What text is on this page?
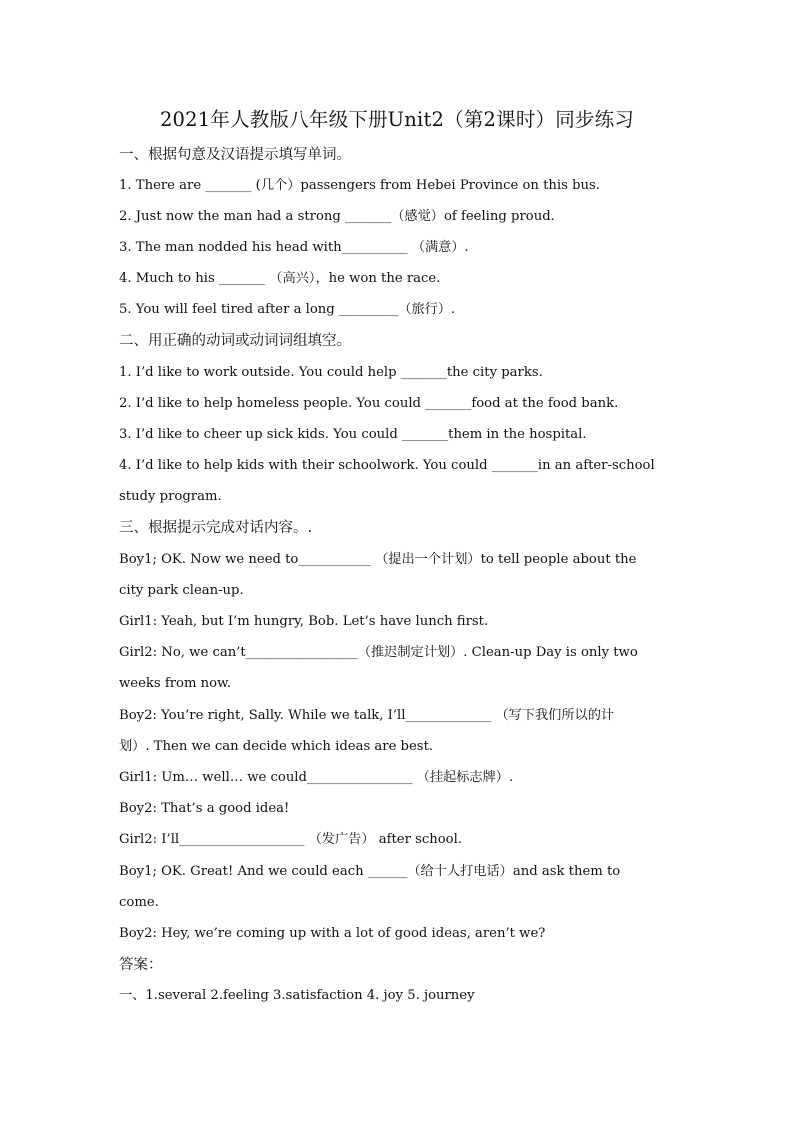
2021年人教版八年级下册Unit2（第2课时）同步练习
一、根据句意及汉语提示填写单词。
1. There are _______ (几个）passengers from Hebei Province on this bus.
2. Just now the man had a strong _______（感觉）of feeling proud.
3. The man nodded his head with__________ （满意）.
4. Much to his _______ （高兴），he won the race.
5. You will feel tired after a long _________（旅行）.
二、用正确的动词或动词词组填空。
1. I’d like to work outside. You could help _______the city parks.
2. I’d like to help homeless people. You could _______food at the food bank.
3. I’d like to cheer up sick kids. You could _______them in the hospital.
4. I’d like to help kids with their schoolwork. You could _______in an after-school
study program.
三、根据提示完成对话内容。.
Boy1; OK. Now we need to___________ （提出一个计划）to tell people about the
city park clean-up.
Girl1: Yeah, but I’m hungry, Bob. Let’s have lunch first.
Girl2: No, we can’t_________________（推迟制定计划）. Clean-up Day is only two
weeks from now.
Boy2: You’re right, Sally. While we talk, I’ll_____________ （写下我们所以的计
划）. Then we can decide which ideas are best.
Girl1: Um… well… we could________________ （挂起标志牌）.
Boy2: That’s a good idea!
Girl2: I’ll___________________ （发广告） after school.
Boy1; OK. Great! And we could each ______（给十人打电话）and ask them to
come.
Boy2: Hey, we’re coming up with a lot of good ideas, aren’t we?
答案：
一、1.several 2.feeling 3.satisfaction 4. joy 5. journey
